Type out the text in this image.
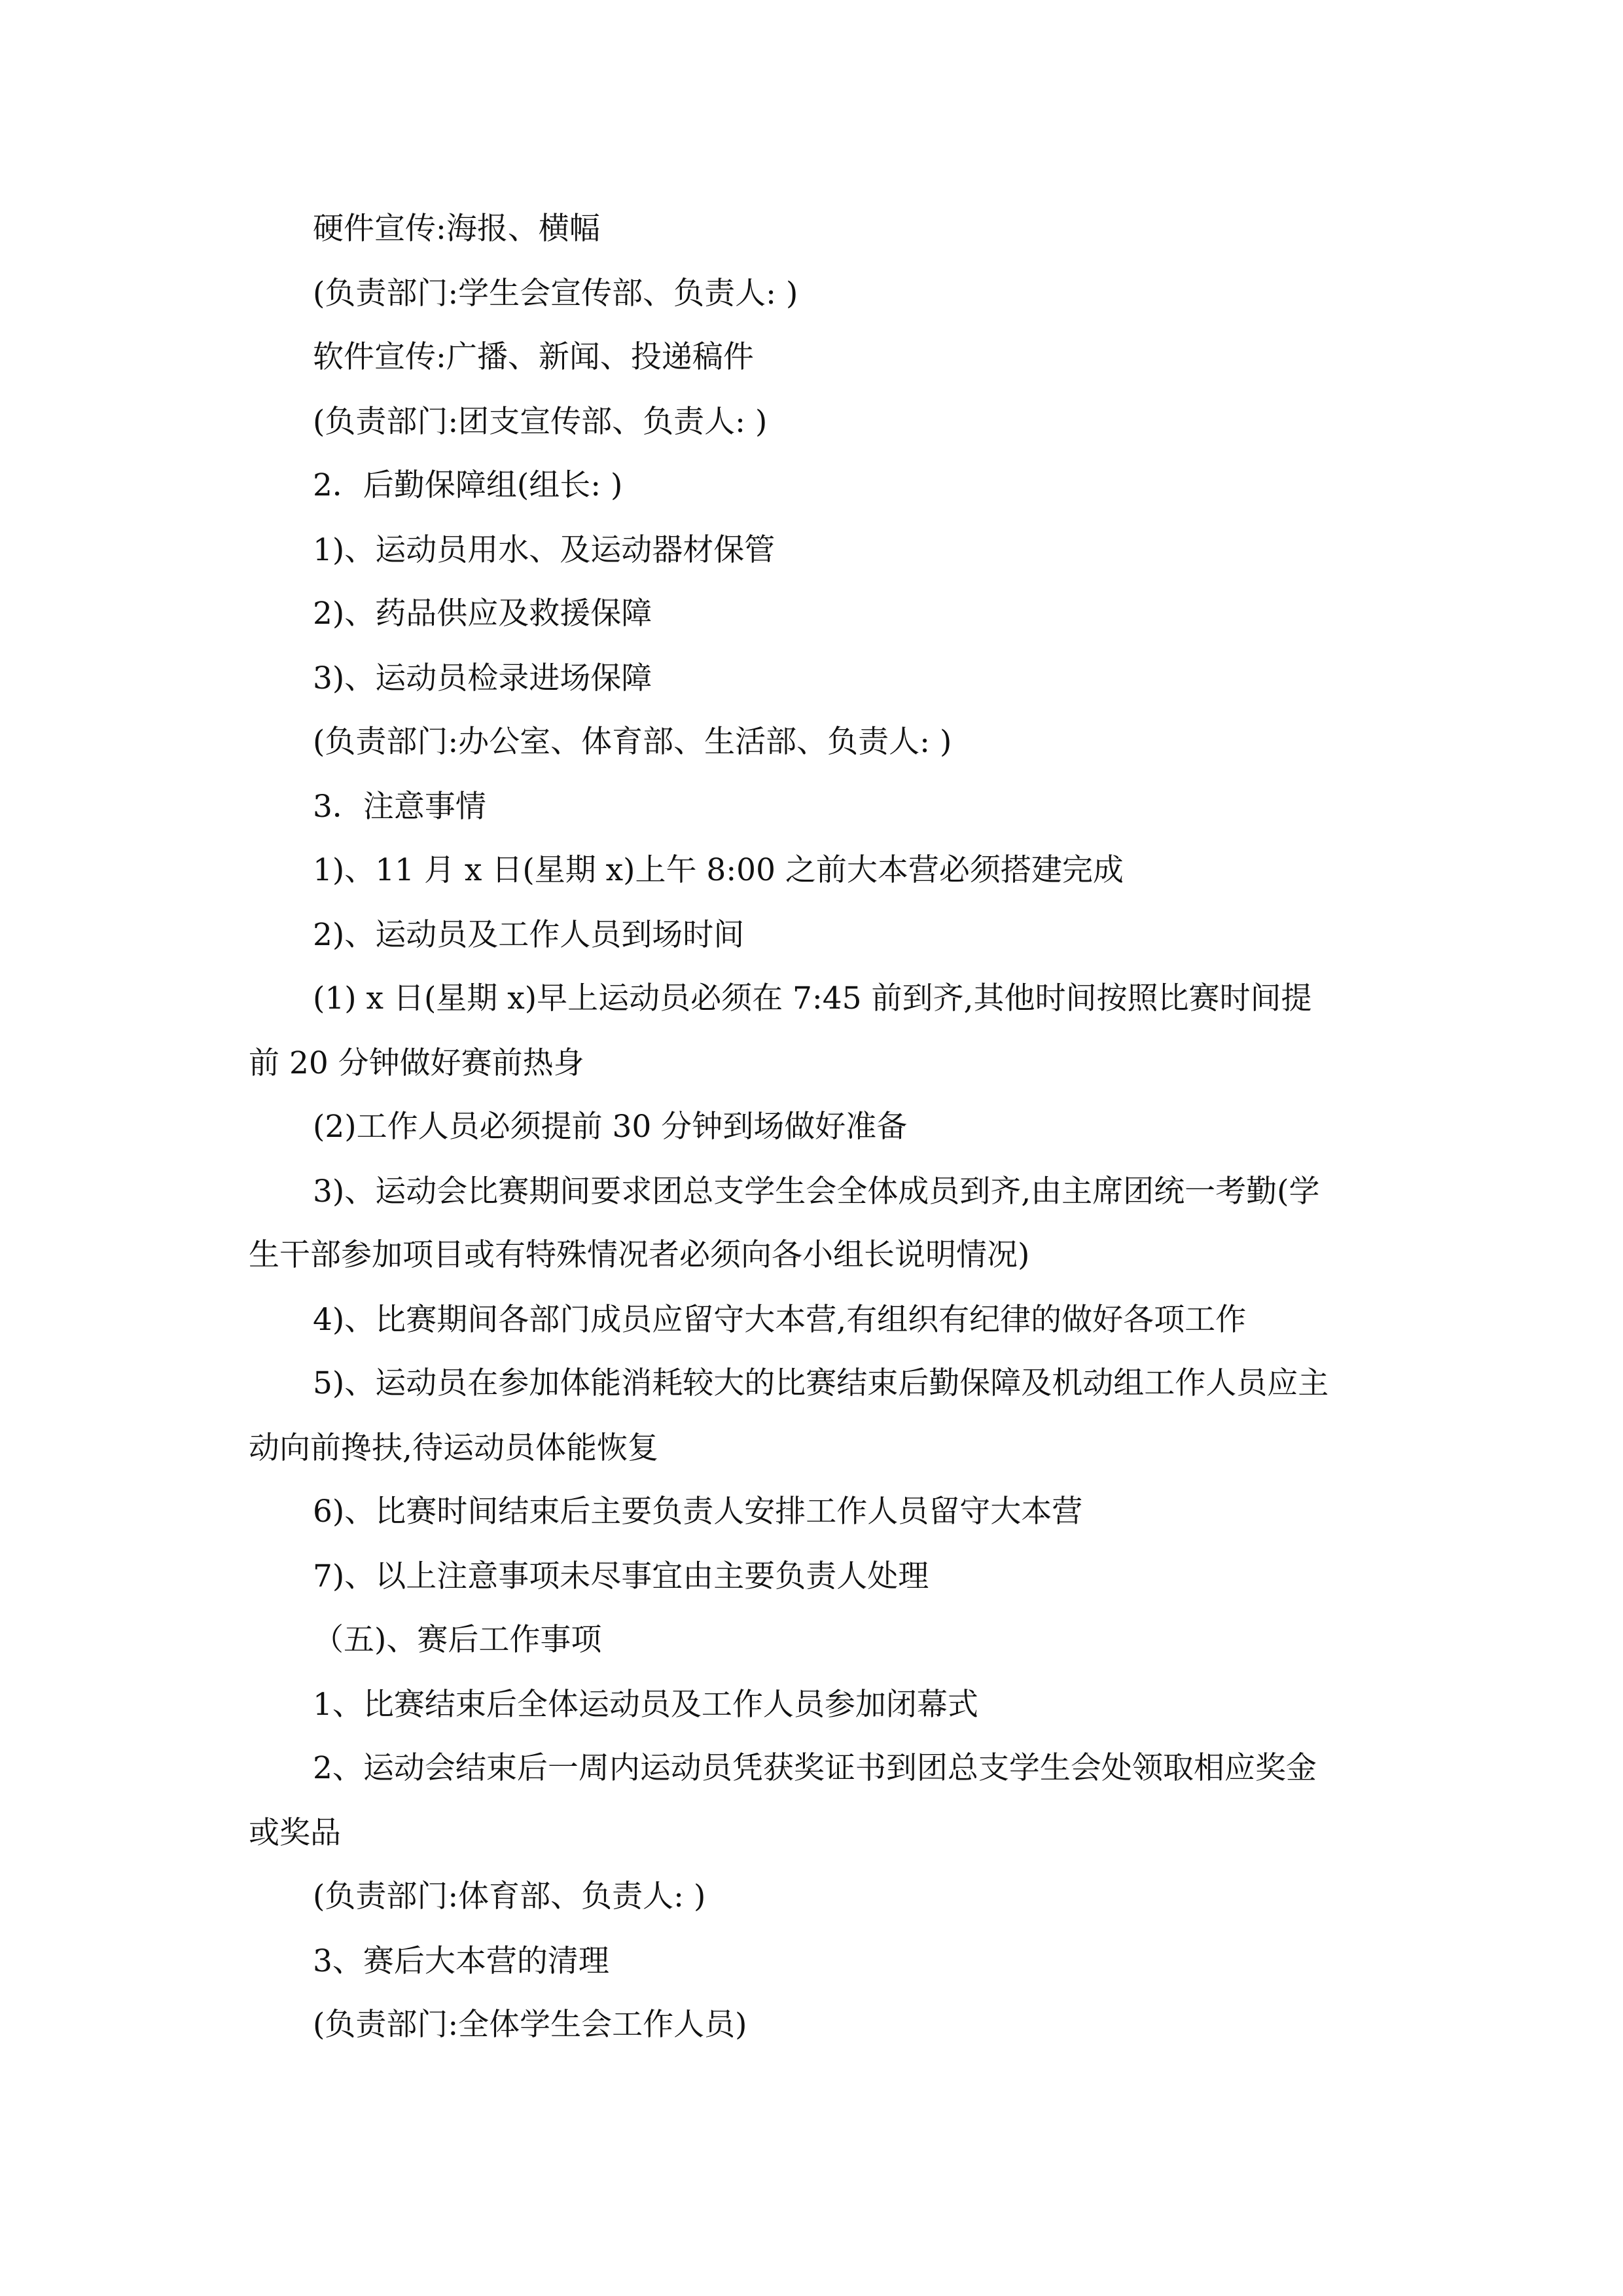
硬件宣传:海报、横幅
(负责部门:学生会宣传部、负责人: )
软件宣传:广播、新闻、投递稿件
(负责部门:团支宣传部、负责人: )
2．后勤保障组(组长: )
1)、运动员用水、及运动器材保管
2)、药品供应及救援保障
3)、运动员检录进场保障
(负责部门:办公室、体育部、生活部、负责人: )
3．注意事情
1)、11 月 x 日(星期 x)上午 8:00 之前大本营必须搭建完成
2)、运动员及工作人员到场时间
(1) x 日(星期 x)早上运动员必须在 7:45 前到齐,其他时间按照比赛时间提
前 20 分钟做好赛前热身
(2)工作人员必须提前 30 分钟到场做好准备
3)、运动会比赛期间要求团总支学生会全体成员到齐,由主席团统一考勤(学
生干部参加项目或有特殊情况者必须向各小组长说明情况)
4)、比赛期间各部门成员应留守大本营,有组织有纪律的做好各项工作
5)、运动员在参加体能消耗较大的比赛结束后勤保障及机动组工作人员应主
动向前搀扶,待运动员体能恢复
6)、比赛时间结束后主要负责人安排工作人员留守大本营
7)、以上注意事项未尽事宜由主要负责人处理
（五)、赛后工作事项
1、比赛结束后全体运动员及工作人员参加闭幕式
2、运动会结束后一周内运动员凭获奖证书到团总支学生会处领取相应奖金
或奖品
(负责部门:体育部、负责人: )
3、赛后大本营的清理
(负责部门:全体学生会工作人员)
